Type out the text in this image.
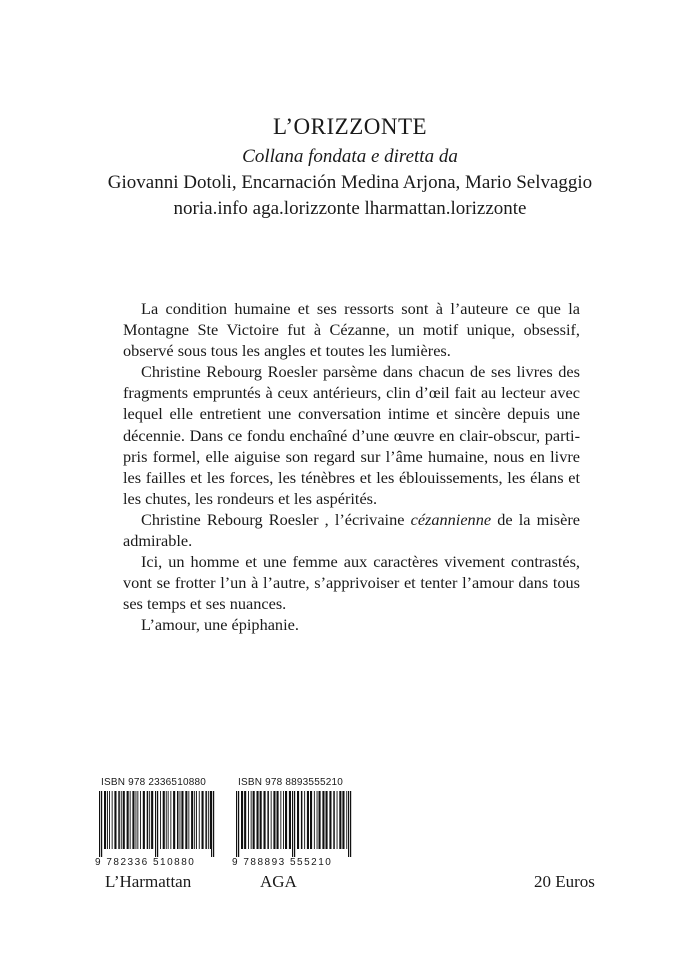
L’ORIZZONTE
Collana fondata e diretta da
Giovanni Dotoli, Encarnación Medina Arjona, Mario Selvaggio
noria.info aga.lorizzonte lharmattan.lorizzonte

La condition humaine et ses ressorts sont à l’auteure ce que la Montagne Ste Victoire fut à Cézanne, un motif unique, obsessif, observé sous tous les angles et toutes les lumières.

Christine Rebourg Roesler parsème dans chacun de ses livres des fragments empruntés à ceux antérieurs, clin d’œil fait au lecteur avec lequel elle entretient une conversation intime et sincère depuis une décennie. Dans ce fondu enchaîné d’une œuvre en clair-obscur, parti-pris formel, elle aiguise son regard sur l’âme humaine, nous en livre les failles et les forces, les ténèbres et les éblouissements, les élans et les chutes, les rondeurs et les aspérités.

Christine Rebourg Roesler , l’écrivaine cézannienne de la misère admirable.

Ici, un homme et une femme aux caractères vivement contrastés, vont se frotter l’un à l’autre, s’apprivoiser et tenter l’amour dans tous ses temps et ses nuances.

L’amour, une épiphanie.

ISBN 978 2336510880
9 782336 510880
L’Harmattan
ISBN 978 8893555210
9 788893 555210
AGA	20 Euros
